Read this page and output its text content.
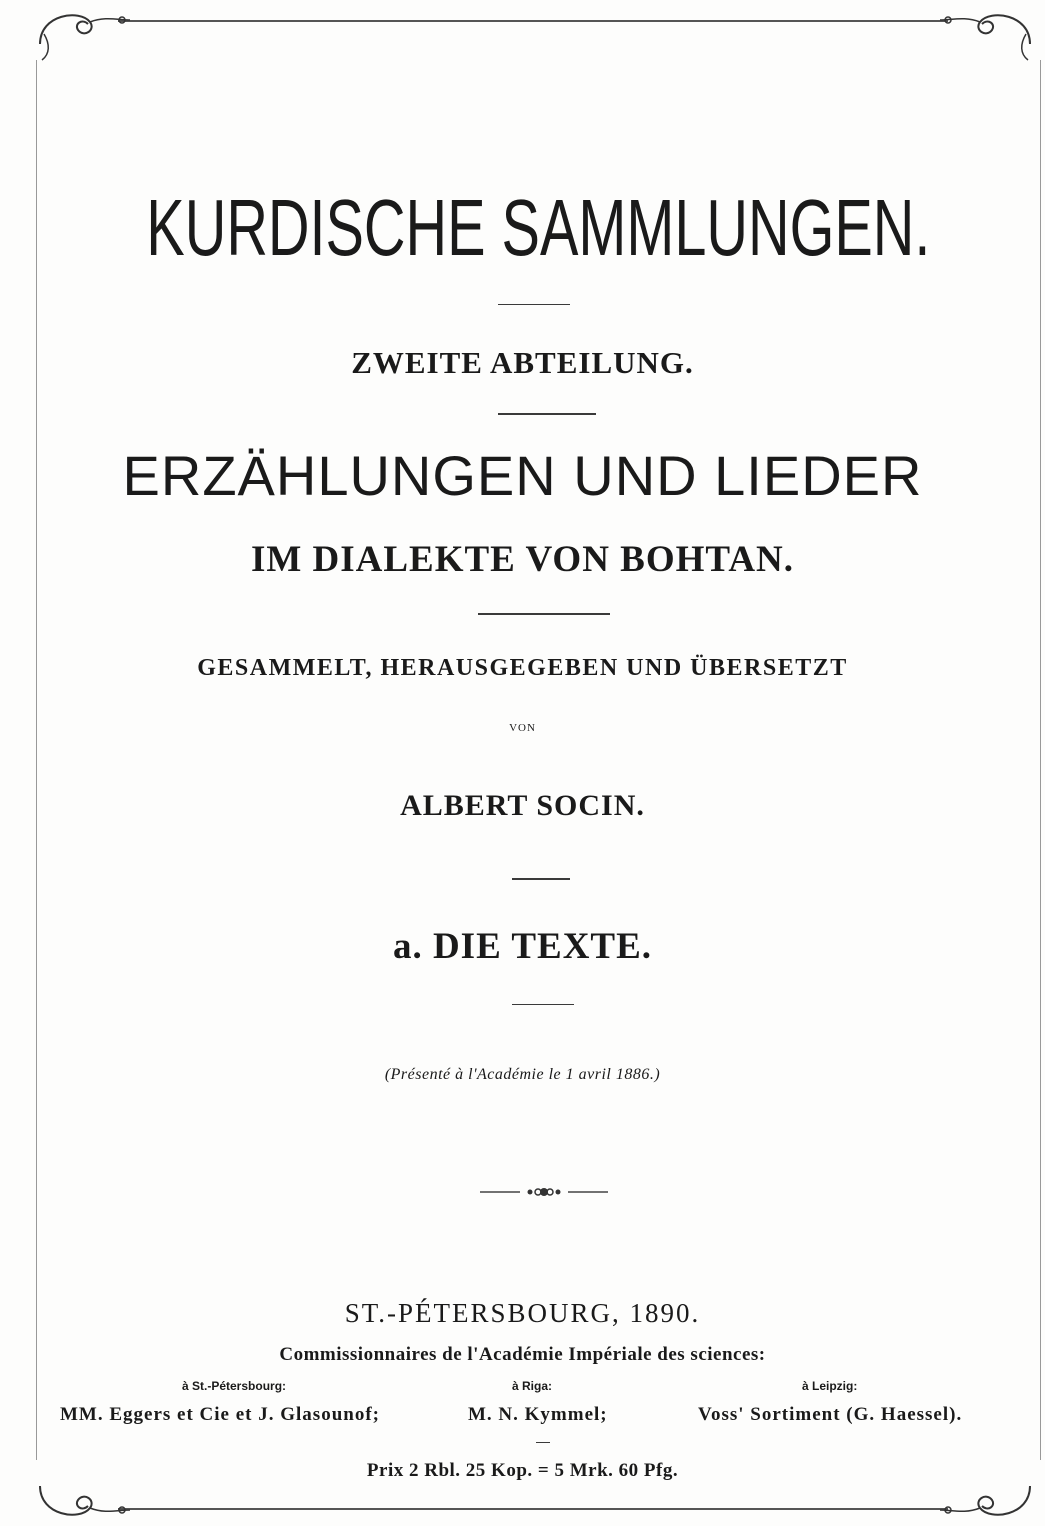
KURDISCHE SAMMLUNGEN.
ZWEITE ABTEILUNG.
ERZÄHLUNGEN UND LIEDER
IM DIALEKTE VON BOHTAN.
GESAMMELT, HERAUSGEGEBEN UND ÜBERSETZT
VON
ALBERT SOCIN.
a. DIE TEXTE.
(Présenté à l'Académie le 1 avril 1886.)
ST.-PÉTERSBOURG, 1890.
Commissionnaires de l'Académie Impériale des sciences:
à St.-Pétersbourg:	à Riga:	à Leipzig:
MM. Eggers et Cie et J. Glasounof;	M. N. Kymmel;	Voss' Sortiment (G. Haessel).
Prix 2 Rbl. 25 Kop. = 5 Mrk. 60 Pfg.
